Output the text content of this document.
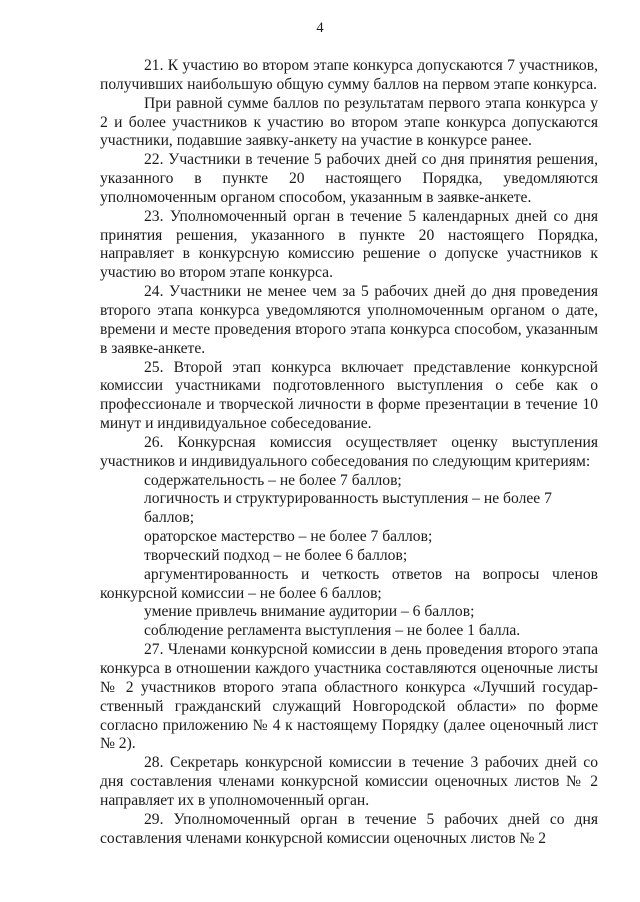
4

21. К участию во втором этапе конкурса допускаются 7 участников, получивших наибольшую общую сумму баллов на первом этапе конкурса.

При равной сумме баллов по результатам первого этапа конкурса у 2 и более участников к участию во втором этапе конкурса допускаются участники, подавшие заявку-анкету на участие в конкурсе ранее.

22. Участники в течение 5 рабочих дней со дня принятия решения, указанного в пункте 20 настоящего Порядка, уведомляются уполномоченным органом способом, указанным в заявке-анкете.

23. Уполномоченный орган в течение 5 календарных дней со дня принятия решения, указанного в пункте 20 настоящего Порядка, направляет в конкурсную комиссию решение о допуске участников к участию во втором этапе конкурса.

24. Участники не менее чем за 5 рабочих дней до дня проведения второго этапа конкурса уведомляются уполномоченным органом о дате, времени и месте проведения второго этапа конкурса способом, указанным в заявке-анкете.

25. Второй этап конкурса включает представление конкурсной комиссии участниками подготовленного выступления о себе как о профессионале и творческой личности в форме презентации в течение 10 минут и индивидуальное собеседование.

26. Конкурсная комиссия осуществляет оценку выступления участников и индивидуального собеседования по следующим критериям:

содержательность – не более 7 баллов;

логичность и структурированность выступления – не более 7 баллов;

ораторское мастерство – не более 7 баллов;

творческий подход – не более 6 баллов;

аргументированность и четкость ответов на вопросы членов конкурсной комиссии – не более 6 баллов;

умение привлечь внимание аудитории – 6 баллов;

соблюдение регламента выступления – не более 1 балла.

27. Членами конкурсной комиссии в день проведения второго этапа конкурса в отношении каждого участника составляются оценочные листы № 2 участников второго этапа областного конкурса «Лучший государ-ственный гражданский служащий Новгородской области» по форме согласно приложению № 4 к настоящему Порядку (далее оценочный лист № 2).

28. Секретарь конкурсной комиссии в течение 3 рабочих дней со дня составления членами конкурсной комиссии оценочных листов № 2 направляет их в уполномоченный орган.

29. Уполномоченный орган в течение 5 рабочих дней со дня составления членами конкурсной комиссии оценочных листов № 2
